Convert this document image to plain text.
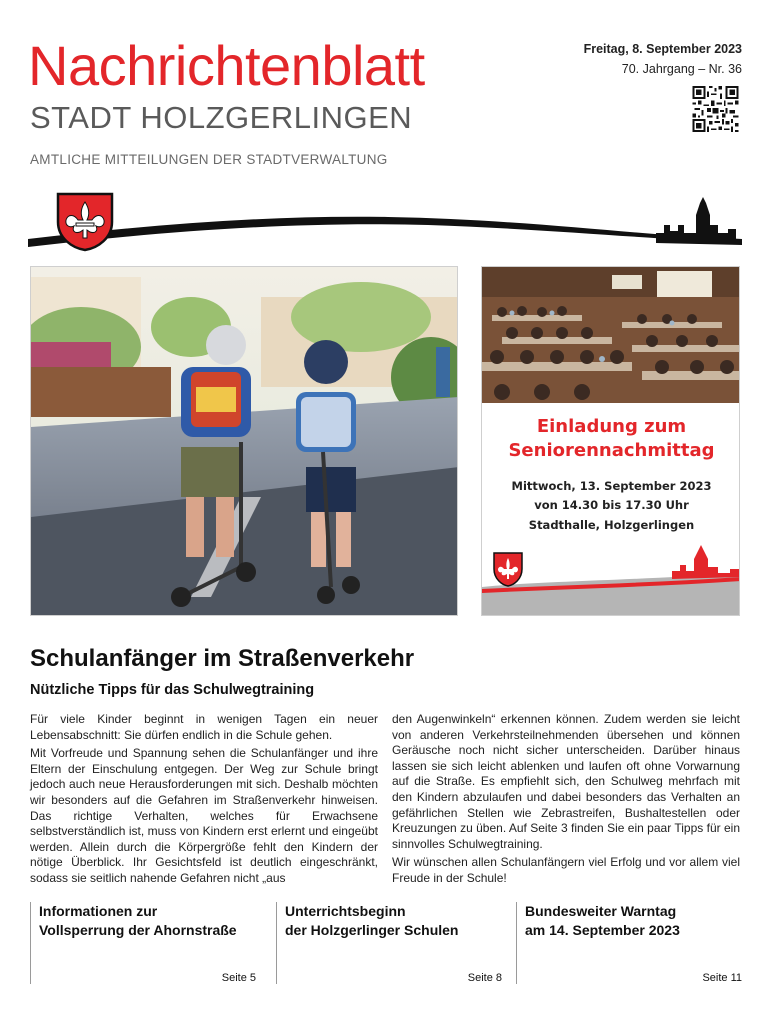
Nachrichtenblatt
STADT HOLZGERLINGEN
AMTLICHE MITTEILUNGEN DER STADTVERWALTUNG
Freitag, 8. September 2023
70. Jahrgang – Nr. 36
Einladung zum
Seniorennachmittag
Mittwoch, 13. September 2023
von 14.30 bis 17.30 Uhr
Stadthalle, Holzgerlingen
Schulanfänger im Straßenverkehr
Nützliche Tipps für das Schulwegtraining

Für viele Kinder beginnt in wenigen Tagen ein neuer Lebensabschnitt: Sie dürfen endlich in die Schule gehen.

Mit Vorfreude und Spannung sehen die Schulanfänger und ihre Eltern der Einschulung entgegen. Der Weg zur Schule bringt jedoch auch neue Herausforderungen mit sich. Deshalb möchten wir besonders auf die Gefahren im Straßenverkehr hinweisen. Das richtige Verhalten, welches für Erwachsene selbstverständlich ist, muss von Kindern erst erlernt und eingeübt werden. Allein durch die Körpergröße fehlt den Kindern der nötige Überblick. Ihr Gesichtsfeld ist deutlich eingeschränkt, sodass sie seitlich nahende Gefahren nicht „aus

den Augenwinkeln“ erkennen können. Zudem werden sie leicht von anderen Verkehrsteilnehmenden übersehen und können Geräusche noch nicht sicher unterscheiden. Darüber hinaus lassen sie sich leicht ablenken und laufen oft ohne Vorwarnung auf die Straße. Es empfiehlt sich, den Schulweg mehrfach mit den Kindern abzulaufen und dabei besonders das Verhalten an gefährlichen Stellen wie Zebrastreifen, Bushaltestellen oder Kreuzungen zu üben. Auf Seite 3 finden Sie ein paar Tipps für ein sinnvolles Schulwegtraining.

Wir wünschen allen Schulanfängern viel Erfolg und vor allem viel Freude in der Schule!

Informationen zur
Vollsperrung der Ahornstraße
Seite 5
Unterrichtsbeginn
der Holzgerlinger Schulen
Seite 8
Bundesweiter Warntag
am 14. September 2023
Seite 11
